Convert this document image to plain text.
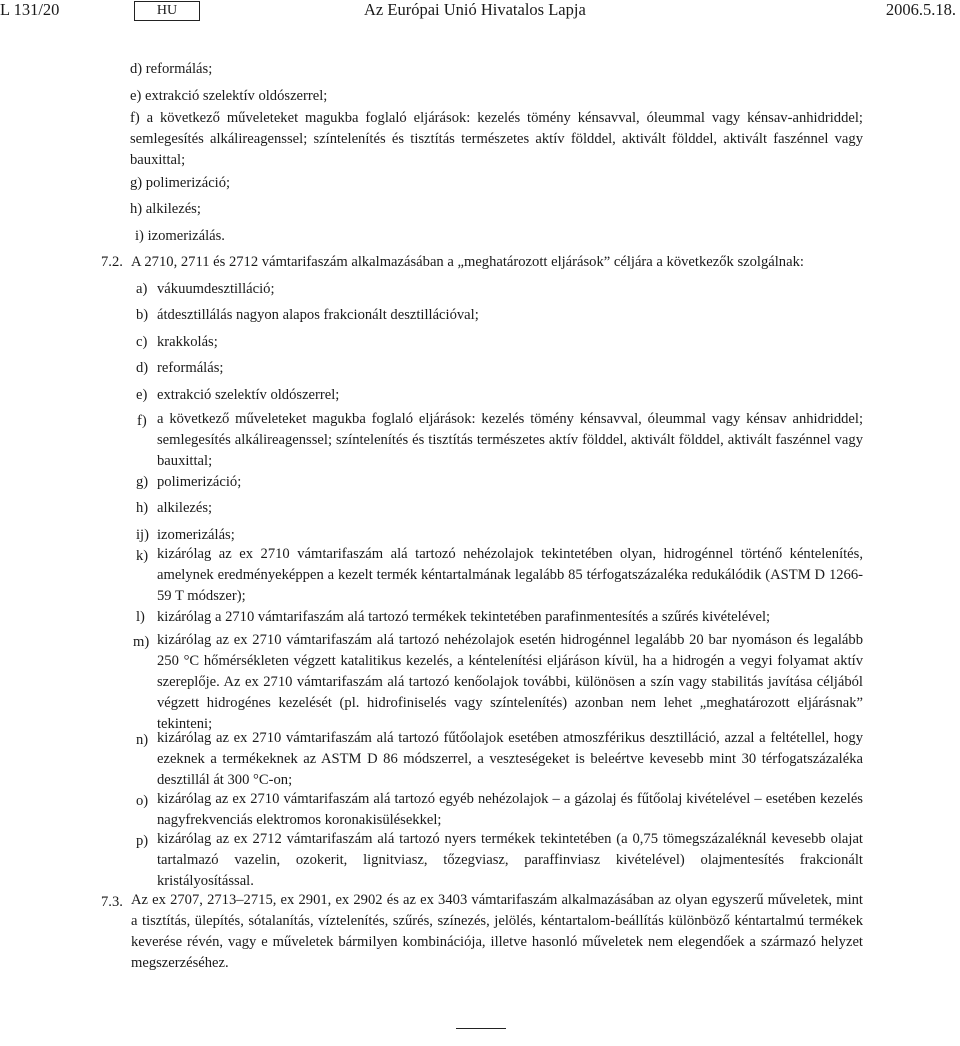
L 131/20	HU	Az Európai Unió Hivatalos Lapja	2006.5.18.
d) reformálás;
e) extrakció szelektív oldószerrel;
f) a következő műveleteket magukba foglaló eljárások: kezelés tömény kénsavval, óleummal vagy kénsav-anhidriddel; semlegesítés alkálireagenssel; színtelenítés és tisztítás természetes aktív földdel, aktivált földdel, aktivált faszénnel vagy bauxittal;
g) polimerizáció;
h) alkilezés;
i) izomerizálás.
7.2. A 2710, 2711 és 2712 vámtarifaszám alkalmazásában a „meghatározott eljárások” céljára a következők szolgálnak:
a) vákuumdesztilláció;
b) átdesztillálás nagyon alapos frakcionált desztillációval;
c) krakkolás;
d) reformálás;
e) extrakció szelektív oldószerrel;
f) a következő műveleteket magukba foglaló eljárások: kezelés tömény kénsavval, óleummal vagy kénsav anhidriddel; semlegesítés alkálireagenssel; színtelenítés és tisztítás természetes aktív földdel, aktivált földdel, aktivált faszénnel vagy bauxittal;
g) polimerizáció;
h) alkilezés;
ij) izomerizálás;
k) kizárólag az ex 2710 vámtarifaszám alá tartozó nehézolajok tekintetében olyan, hidrogénnel történő kéntelenítés, amelynek eredményeképpen a kezelt termék kéntartalmának legalább 85 térfogatszázaléka redukálódik (ASTM D 1266-59 T módszer);
l) kizárólag a 2710 vámtarifaszám alá tartozó termékek tekintetében parafinmentesítés a szűrés kivételével;
m) kizárólag az ex 2710 vámtarifaszám alá tartozó nehézolajok esetén hidrogénnel legalább 20 bar nyomáson és legalább 250 °C hőmérsékleten végzett katalitikus kezelés, a kéntelenítési eljáráson kívül, ha a hidrogén a vegyi folyamat aktív szereplője. Az ex 2710 vámtarifaszám alá tartozó kenőolajok további, különösen a szín vagy stabilitás javítása céljából végzett hidrogénes kezelését (pl. hidrofiniselés vagy színtelenítés) azonban nem lehet „meghatározott eljárásnak” tekinteni;
n) kizárólag az ex 2710 vámtarifaszám alá tartozó fűtőolajok esetében atmoszférikus desztilláció, azzal a feltétellel, hogy ezeknek a termékeknek az ASTM D 86 módszerrel, a veszteségeket is beleértve kevesebb mint 30 térfogatszázaléka desztillál át 300 °C-on;
o) kizárólag az ex 2710 vámtarifaszám alá tartozó egyéb nehézolajok – a gázolaj és fűtőolaj kivételével – esetében kezelés nagyfrekvenciás elektromos koronakisülésekkel;
p) kizárólag az ex 2712 vámtarifaszám alá tartozó nyers termékek tekintetében (a 0,75 tömegszázaléknál kevesebb olajat tartalmazó vazelin, ozokerit, lignitviasz, tőzegviasz, paraffinviasz kivételével) olajmentesítés frakcionált kristályosítással.
7.3. Az ex 2707, 2713–2715, ex 2901, ex 2902 és az ex 3403 vámtarifaszám alkalmazásában az olyan egyszerű műveletek, mint a tisztítás, ülepítés, sótalanítás, víztelenítés, szűrés, színezés, jelölés, kéntartalom-beállítás különböző kéntartalmú termékek keverése révén, vagy e műveletek bármilyen kombinációja, illetve hasonló műveletek nem elegendőek a származó helyzet megszerzéséhez.
